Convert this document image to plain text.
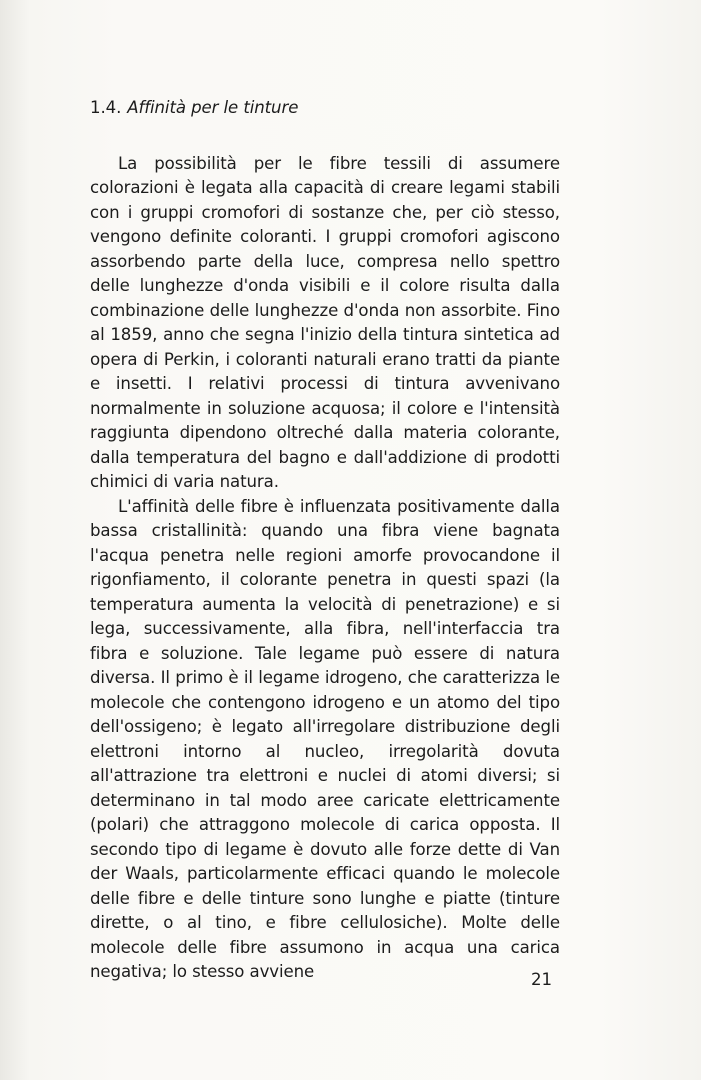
1.4. Affinità per le tinture

La possibilità per le fibre tessili di assumere colorazioni è legata alla capacità di creare legami stabili con i gruppi cromofori di sostanze che, per ciò stesso, vengono definite coloranti. I gruppi cromofori agiscono assorbendo parte della luce, compresa nello spettro delle lunghezze d'onda visibili e il colore risulta dalla combinazione delle lunghezze d'onda non assorbite. Fino al 1859, anno che segna l'inizio della tintura sintetica ad opera di Perkin, i coloranti naturali erano tratti da piante e insetti. I relativi processi di tintura avvenivano normalmente in soluzione acquosa; il colore e l'intensità raggiunta dipendono oltreché dalla materia colorante, dalla temperatura del bagno e dall'addizione di prodotti chimici di varia natura.

L'affinità delle fibre è influenzata positivamente dalla bassa cristallinità: quando una fibra viene bagnata l'acqua penetra nelle regioni amorfe provocandone il rigonfiamento, il colorante penetra in questi spazi (la temperatura aumenta la velocità di penetrazione) e si lega, successivamente, alla fibra, nell'interfaccia tra fibra e soluzione. Tale legame può essere di natura diversa. Il primo è il legame idrogeno, che caratterizza le molecole che contengono idrogeno e un atomo del tipo dell'ossigeno; è legato all'irregolare distribuzione degli elettroni intorno al nucleo, irregolarità dovuta all'attrazione tra elettroni e nuclei di atomi diversi; si determinano in tal modo aree caricate elettricamente (polari) che attraggono molecole di carica opposta. Il secondo tipo di legame è dovuto alle forze dette di Van der Waals, particolarmente efficaci quando le molecole delle fibre e delle tinture sono lunghe e piatte (tinture dirette, o al tino, e fibre cellulosiche). Molte delle molecole delle fibre assumono in acqua una carica negativa; lo stesso avviene	21
